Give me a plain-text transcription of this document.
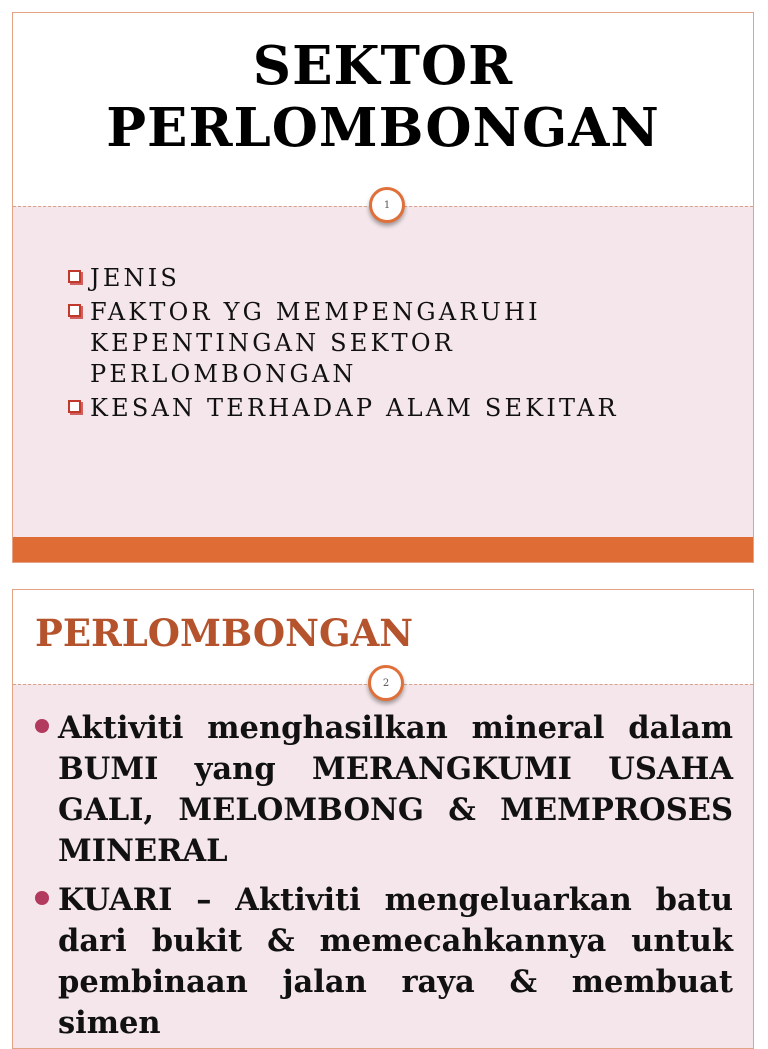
SEKTOR
PERLOMBONGAN
1
JENIS
FAKTOR YG MEMPENGARUHI
KEPENTINGAN SEKTOR
PERLOMBONGAN
KESAN TERHADAP ALAM SEKITAR
PERLOMBONGAN
2
Aktiviti menghasilkan mineral dalam BUMI yang MERANGKUMI USAHA GALI, MELOMBONG & MEMPROSES MINERAL
KUARI – Aktiviti mengeluarkan batu dari bukit & memecahkannya untuk pembinaan jalan raya & membuat simen
